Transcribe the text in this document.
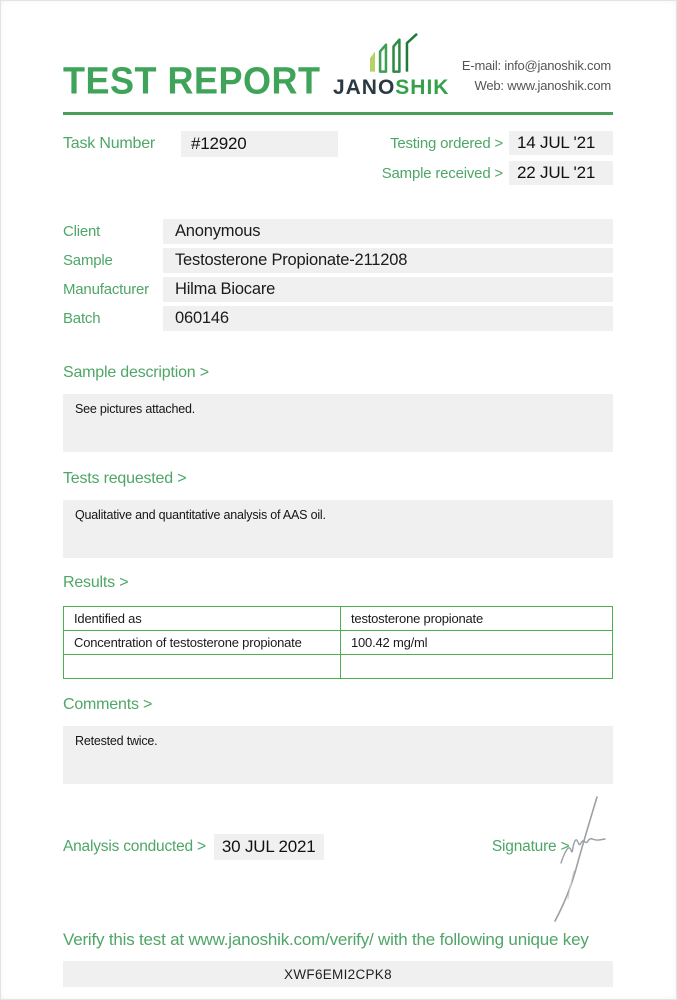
TEST REPORT JANOSHIK
E-mail: info@janoshik.com
Web: www.janoshik.com
Task Number	#12920	Testing ordered > 14 JUL '21
Sample received > 22 JUL '21
Client	Anonymous
Sample	Testosterone Propionate-211208
Manufacturer	Hilma Biocare
Batch	060146
Sample description >
See pictures attached.
Tests requested >
Qualitative and quantitative analysis of AAS oil.
Results >
Identified as	testosterone propionate
Concentration of testosterone propionate	100.42 mg/ml

Comments >
Retested twice.
Analysis conducted > 30 JUL 2021	Signature >
Verify this test at www.janoshik.com/verify/ with the following unique key
XWF6EMI2CPK8
